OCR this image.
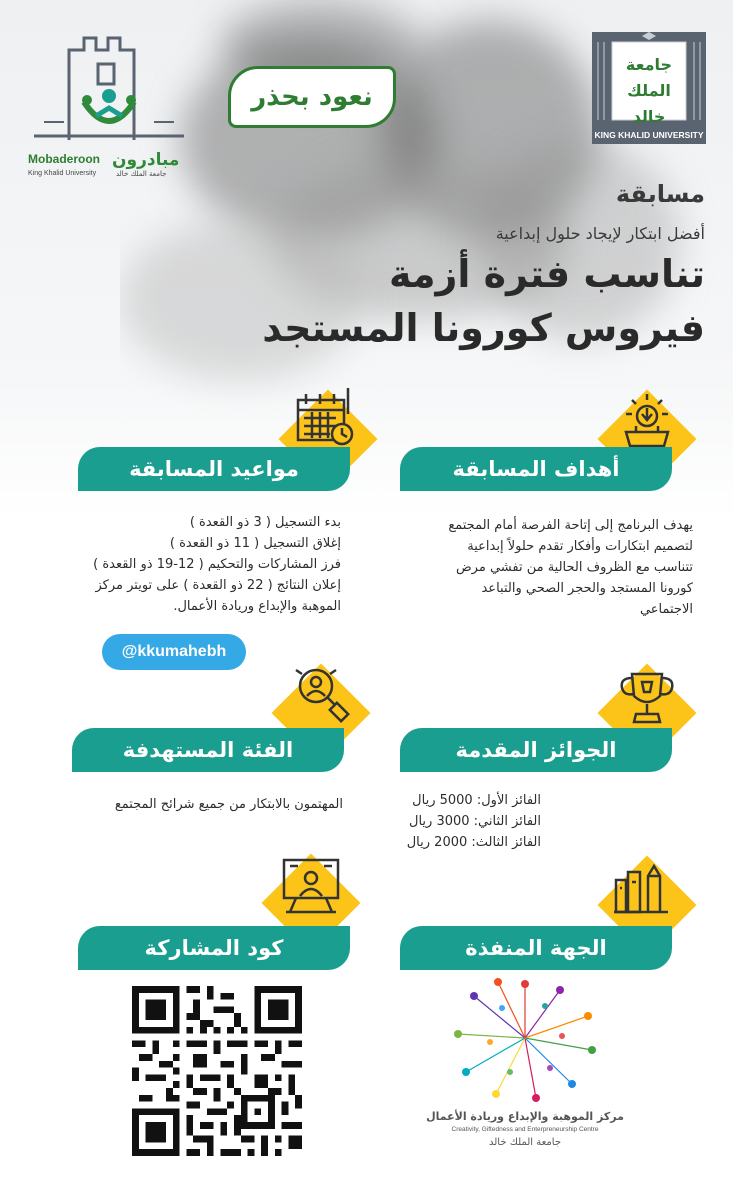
مبادرون
Mobaderoon
King Khalid University	جامعة الملك خالد
نعود بحذر
جامعة الملك خالد
KING KHALID UNIVERSITY
مسابقة
أفضل ابتكار لإيجاد حلول إبداعية
تناسب فترة أزمة
فيروس كورونا المستجد
أهداف المسابقة

يهدف البرنامج إلى إتاحة الفرصة أمام المجتمع

لتصميم ابتكارات وأفكار تقدم حلولاً إبداعية

تتناسب مع الظروف الحالية من تفشي مرض

كورونا المستجد والحجر الصحي والتباعد

الاجتماعي

مواعيد المسابقة

بدء التسجيل ( 3 ذو القعدة )

إغلاق التسجيل ( 11 ذو القعدة )

فرز المشاركات والتحكيم ( 12-19 ذو القعدة )

إعلان النتائج ( 22 ذو القعدة ) على تويتر مركز

الموهبة والإبداع وريادة الأعمال.

@kkumahebh
الجوائز المقدمة

الفائز الأول: 5000 ريال

الفائز الثاني: 3000 ريال

الفائز الثالث: 2000 ريال

الفئة المستهدفة

المهتمون بالابتكار من جميع شرائح المجتمع

الجهة المنفذة
مركز الموهبة والإبداع وريادة الأعمال
Creativity, Giftedness and Enterpreneurship Centre
جامعة الملك خالد
كود المشاركة
